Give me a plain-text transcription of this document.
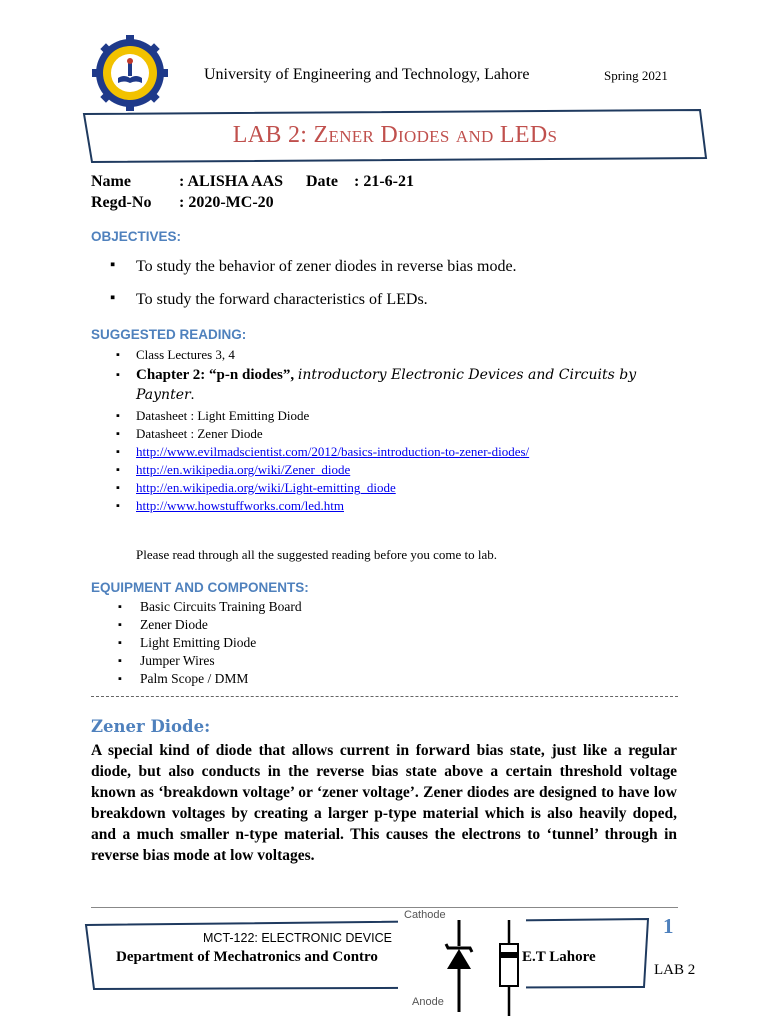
University of Engineering and Technology, Lahore	Spring 2021
LAB 2: Zener Diodes and LEDs
Name	: ALISHA AAS Date : 21-6-21
Regd-No : 2020-MC-20
OBJECTIVES:
▪ To study the behavior of zener diodes in reverse bias mode.
▪ To study the forward characteristics of LEDs.
SUGGESTED READING:
▪ Class Lectures 3, 4
▪ Chapter 2: “p-n diodes”, introductory Electronic Devices and Circuits by Paynter.
▪ Datasheet : Light Emitting Diode
▪ Datasheet : Zener Diode
▪ http://www.evilmadscientist.com/2012/basics-introduction-to-zener-diodes/
▪ http://en.wikipedia.org/wiki/Zener_diode
▪ http://en.wikipedia.org/wiki/Light-emitting_diode
▪ http://www.howstuffworks.com/led.htm
Please read through all the suggested reading before you come to lab.
EQUIPMENT AND COMPONENTS:
▪ Basic Circuits Training Board
▪ Zener Diode
▪ Light Emitting Diode
▪ Jumper Wires
▪ Palm Scope / DMM
Zener Diode:
A special kind of diode that allows current in forward bias state, just like a regular diode, but also conducts in the reverse bias state above a certain threshold voltage known as ‘breakdown voltage’ or ‘zener voltage’. Zener diodes are designed to have low breakdown voltages by creating a larger p-type material which is also heavily doped, and a much smaller n-type material. This causes the electrons to ‘tunnel’ through in reverse bias mode at low voltages.
MCT-122: ELECTRONIC DEVICE
Department of Mechatronics and Contro
1
LAB 2
Cathode
Anode
E.T Lahore
